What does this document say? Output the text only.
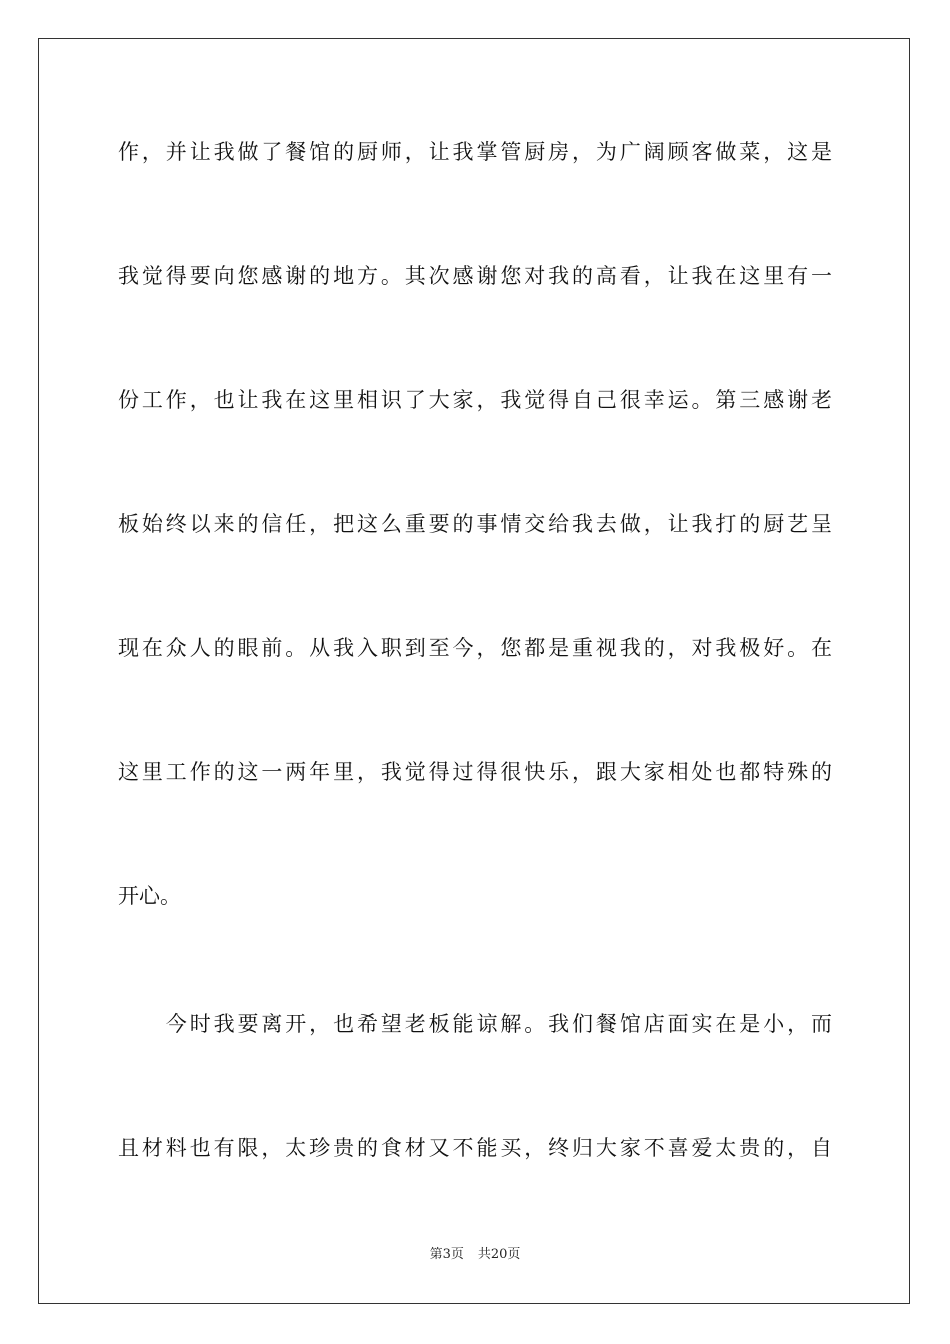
作，并让我做了餐馆的厨师，让我掌管厨房，为广阔顾客做菜，这是
我觉得要向您感谢的地方。其次感谢您对我的高看，让我在这里有一
份工作，也让我在这里相识了大家，我觉得自己很幸运。第三感谢老
板始终以来的信任，把这么重要的事情交给我去做，让我打的厨艺呈
现在众人的眼前。从我入职到至今，您都是重视我的，对我极好。在
这里工作的这一两年里，我觉得过得很快乐，跟大家相处也都特殊的
开心。
　　今时我要离开，也希望老板能谅解。我们餐馆店面实在是小，而
且材料也有限，太珍贵的食材又不能买，终归大家不喜爱太贵的，自
第3页 共20页
